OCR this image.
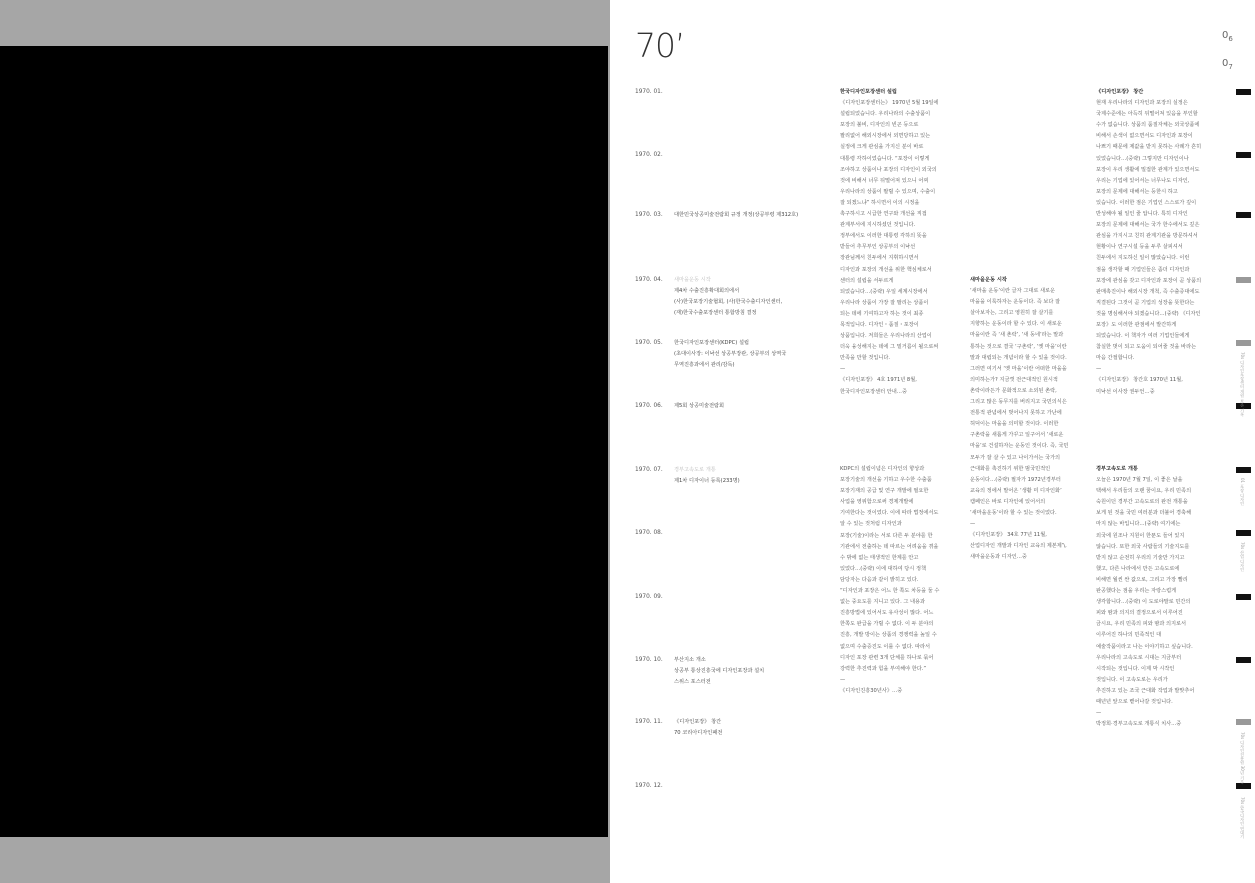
70’	$0_6$
$0_7$
1970. 01.
1970. 02.
1970. 03.
1970. 04.
1970. 05.
1970. 06.
1970. 07.
1970. 08.
1970. 09.
1970. 10.
1970. 11.
1970. 12.
대한민국상공미술전람회 규정 개정(상공부령 제312호)
새마을운동 시작
제4차 수출진흥확대회의에서
(사)한국포장기술협회, (사)한국수출디자인센터,
(재)한국수출포장센터 통합방침 결정
한국디자인포장센터(KDPC) 설립
(초대이사장: 이낙선 상공부장관, 상공부의 상역국
무역진흥과에서 관리/감독)
제5회 상공미술전람회
경부고속도로 개통
제1차 디자이너 등록(233명)
부산지소 개소
상공부 통상진흥국에 디자인포장과 설치
스위스 포스터전
《디자인포장》 창간
70 코리아디자인패전
한국디자인포장센터 설립
《디자인포장센터는》 1970년 5월 19일에
설립되었습니다. 우리나라의 수출상품이
포장의 불비, 디자인의 빈곤 등으로
팔리없어 해외시장에서 외면당하고 있는
실정에 크게 관심을 가지신 분이 바로
대통령 각하이었습니다. “포장이 이렇게
조야하고 상품이나 포장의 디자인이 외국의
것에 비해서 너무 뒤떨어져 있으니 어찌
우리나라의 상품이 팔릴 수 있으며, 수출이
잘 되겠느냐” 하시면서 이의 시정을
촉구하시고 시급한 연구와 개선을 직접
관계부서에 지시하셨던 것입니다.
정부에서도 이러한 대통령 각하의 뜻을
받들어 추무부인 상공부의 이낙선
장관님께서 친두에서 지휘하시면서
디자인과 포장의 개선을 위한 핵심체로서
센터의 설립을 서두르게
되었습니다…(중략) 우일 세계시장에서
우리나라 상품이 가장 잘 팔리는 상품이
되는 데에 기여하고자 하는 것이 최종
목적입니다. 디자인・품질・포장이
상품입니다. 저희들은 우리나라의 산업이
더욱 융성해지는 데에 그 밑거름이 될으로써
만족을 만할 것입니다.
—
《디자인포장》 4호 1971년 8월,
한국디자인포장센터 안내…중
KDPC의 설립이념은 디자인의 향상과
포장기술의 개선을 기하고 우수한 수출품
포장기재의 공급 및 연구 개발에 필요한
사업을 영위함으로써 경제개발에
기여한다는 것이었다. 이에 따라 법정에서도
알 수 있는 것처럼 디자인과
포장(기술)이라는 서로 다른 두 분야를 한
기관에서 전출하는 데 따르는 어려움을 겪을
수 밖에 없는 태생적인 한계를 안고
있었다…(중략) 이에 대하여 당시 정책
담당자는 다음과 같이 밝히고 있다.
“디자인과 포장은 어느 한 쪽도 차등을 둘 수
없는 중요도를 지니고 있다. 그 내용과
진흥방법에 있어서도 유사성이 많다. 어느
한쪽도 완급을 가릴 수 없다. 이 두 분야의
진흥, 개발 방이는 상품의 경쟁력을 높일 수
없으며 수출증진도 이룰 수 없다. 따라서
디자인 포장 관련 3개 단체를 하나로 묶어
강력한 추진력과 힘을 부여해야 한다.”
—
《디자인진흥30년사》…중
새마을운동 시작
‘새마을 운동’이란 글자 그대로 새로운
마을을 이룩하자는 운동이다. 즉 보다 잘
살아보자는, 그리고 영원히 잘 살기를
지향하는 운동이라 할 수 있다. 이 새로운
마을이란 즉 ‘새 촌락’, ‘새 동네’라는 말과
통하는 것으로 결국 ‘구촌락’, ‘옛 마을’이란
말과 대립되는 개념이라 할 수 있을 것이다.
그러면 여기서 ‘옛 마을’이란 어떠한 마을을
의미하는가? 지금껏 전근대적인 원시적
촌락이라든가 문화적으로 소외된 촌락,
그리고 많은 동무지를 버리지고 국민의식은
전통적 관념에서 벗어나지 못하고 가난에
허덕이는 마을을 의미할 것이다. 이러한
구촌락을 새롭게 가꾸고 일구어서 ‘새로운
마을’로 건설하자는 운동인 것이다. 즉, 국민
모두가 잘 살 수 있고 나이가서는 국가의
근대화를 촉진하기 위한 범국민적인
운동이다…(중략) 필자가 1972년경부터
교육의 정에서 말어온 ‘생활 미 디자인화’
캠페인은 바로 디자인에 있어서의
‘새마을운동’이라 할 수 있는 것이었다.
—
《디자인포장》 34호 77년 11월,
산업디자인 개발과 디자인 교육의 제본제’\,
새마을운동과 디자인…중
《디자인포장》 창간
현재 우리나라의 디자인과 포장의 실정은
국제수준에는 아득히 뒤떨어져 있음을 부인할
수가 없습니다. 상품의 품질자체는 외국상품에
비해서 손색이 없으면서도 디자인과 포장이
나쁘기 때문에 제값을 받지 못하는 사례가 흔히
있었습니다…(중략) 그렇지만 디자인이나
포장이 우리 생활에 밀접한 관계가 있으면서도
우리는 기업에 있어서는 너무나도 디자인,
포장의 문제에 대해서는 등한시 하고
있습니다. 이러한 점은 기업인 스스로가 깊이
반성해야 될 일인 줄 압니다. 특히 디자인
포장의 문제에 대해서는 국가 한수에서도 깊은
관심을 가지시고 친히 관계기관을 방문하셔서
현황이나 연구시설 등을 두루 살피셔서
친두에서 지도하신 일이 많았습니다. 이런
점을 생각할 때 기업인들은 좀더 디자인과
포장에 관심을 갖고 디자인과 포장이 곧 상품의
판매촉진이나 해외시장 개척, 즉 수출증대에도
직결된다 그것이 곧 기업의 성장을 뜻한다는
것을 명심해서야 되겠습니다…(중략) 《디자인
포장》도 이러한 관점에서 발간하게
되었습니다. 이 책자가 여러 기업인들에게
참실한 벗이 되고 도움이 되어줄 것을 바라는
마음 간절합니다.
—
《디자인포장》 창간호 1970년 11월,
미낙선 이사장 권두언…중
경부고속도로 개통
오늘은 1970년 7월 7일, 이 좋은 날을
택해서 우리들의 오랜 꿈이요, 우리 민족의
숙원이던 경부간 고속도로의 완전 개통을
보게 된 것을 국민 여러분과 더불어 경축해
마지 않는 바입니다…(중략) 여기에는
외국에 원조나 지원이 한푼도 들어 있지
않습니다. 또한 외국 사람들의 기술지도를
받지 않고 순전히 우리의 기술만 가지고
했고, 다른 나라에서 만든 고속도로에
비해면 월씬 싼 값으로, 그리고 가장 빨리
완공했다는 점을 우리는 자랑스럽게
생각합니다…(중략) 이 도로야말로 민간의
피와 땀과 의지의 결정으로서 이루어진
금시요, 우리 민족의 피와 땀과 의지로서
이루어진 하나의 민족적인 대
예술작품이라고 나는 이야기하고 싶습니다.
우리나라의 고속도로 시대는 지금부터
시작되는 것입니다. 이제 막 시작인
것입니다. 이 고속도로는 우리가
추진하고 있는 조국 근대화 작업과 발맞추어
때년년 앞으로 뻗어나갈 것입니다.
—
박정희·경부고속도로 개통식 치사…중
70s 디자인포장센터 개원 보존 기록
01 포장 디자인
70s 산업 디자인
70s 디자인진흥원 30년 기록
70s 한국디자인 연대기
